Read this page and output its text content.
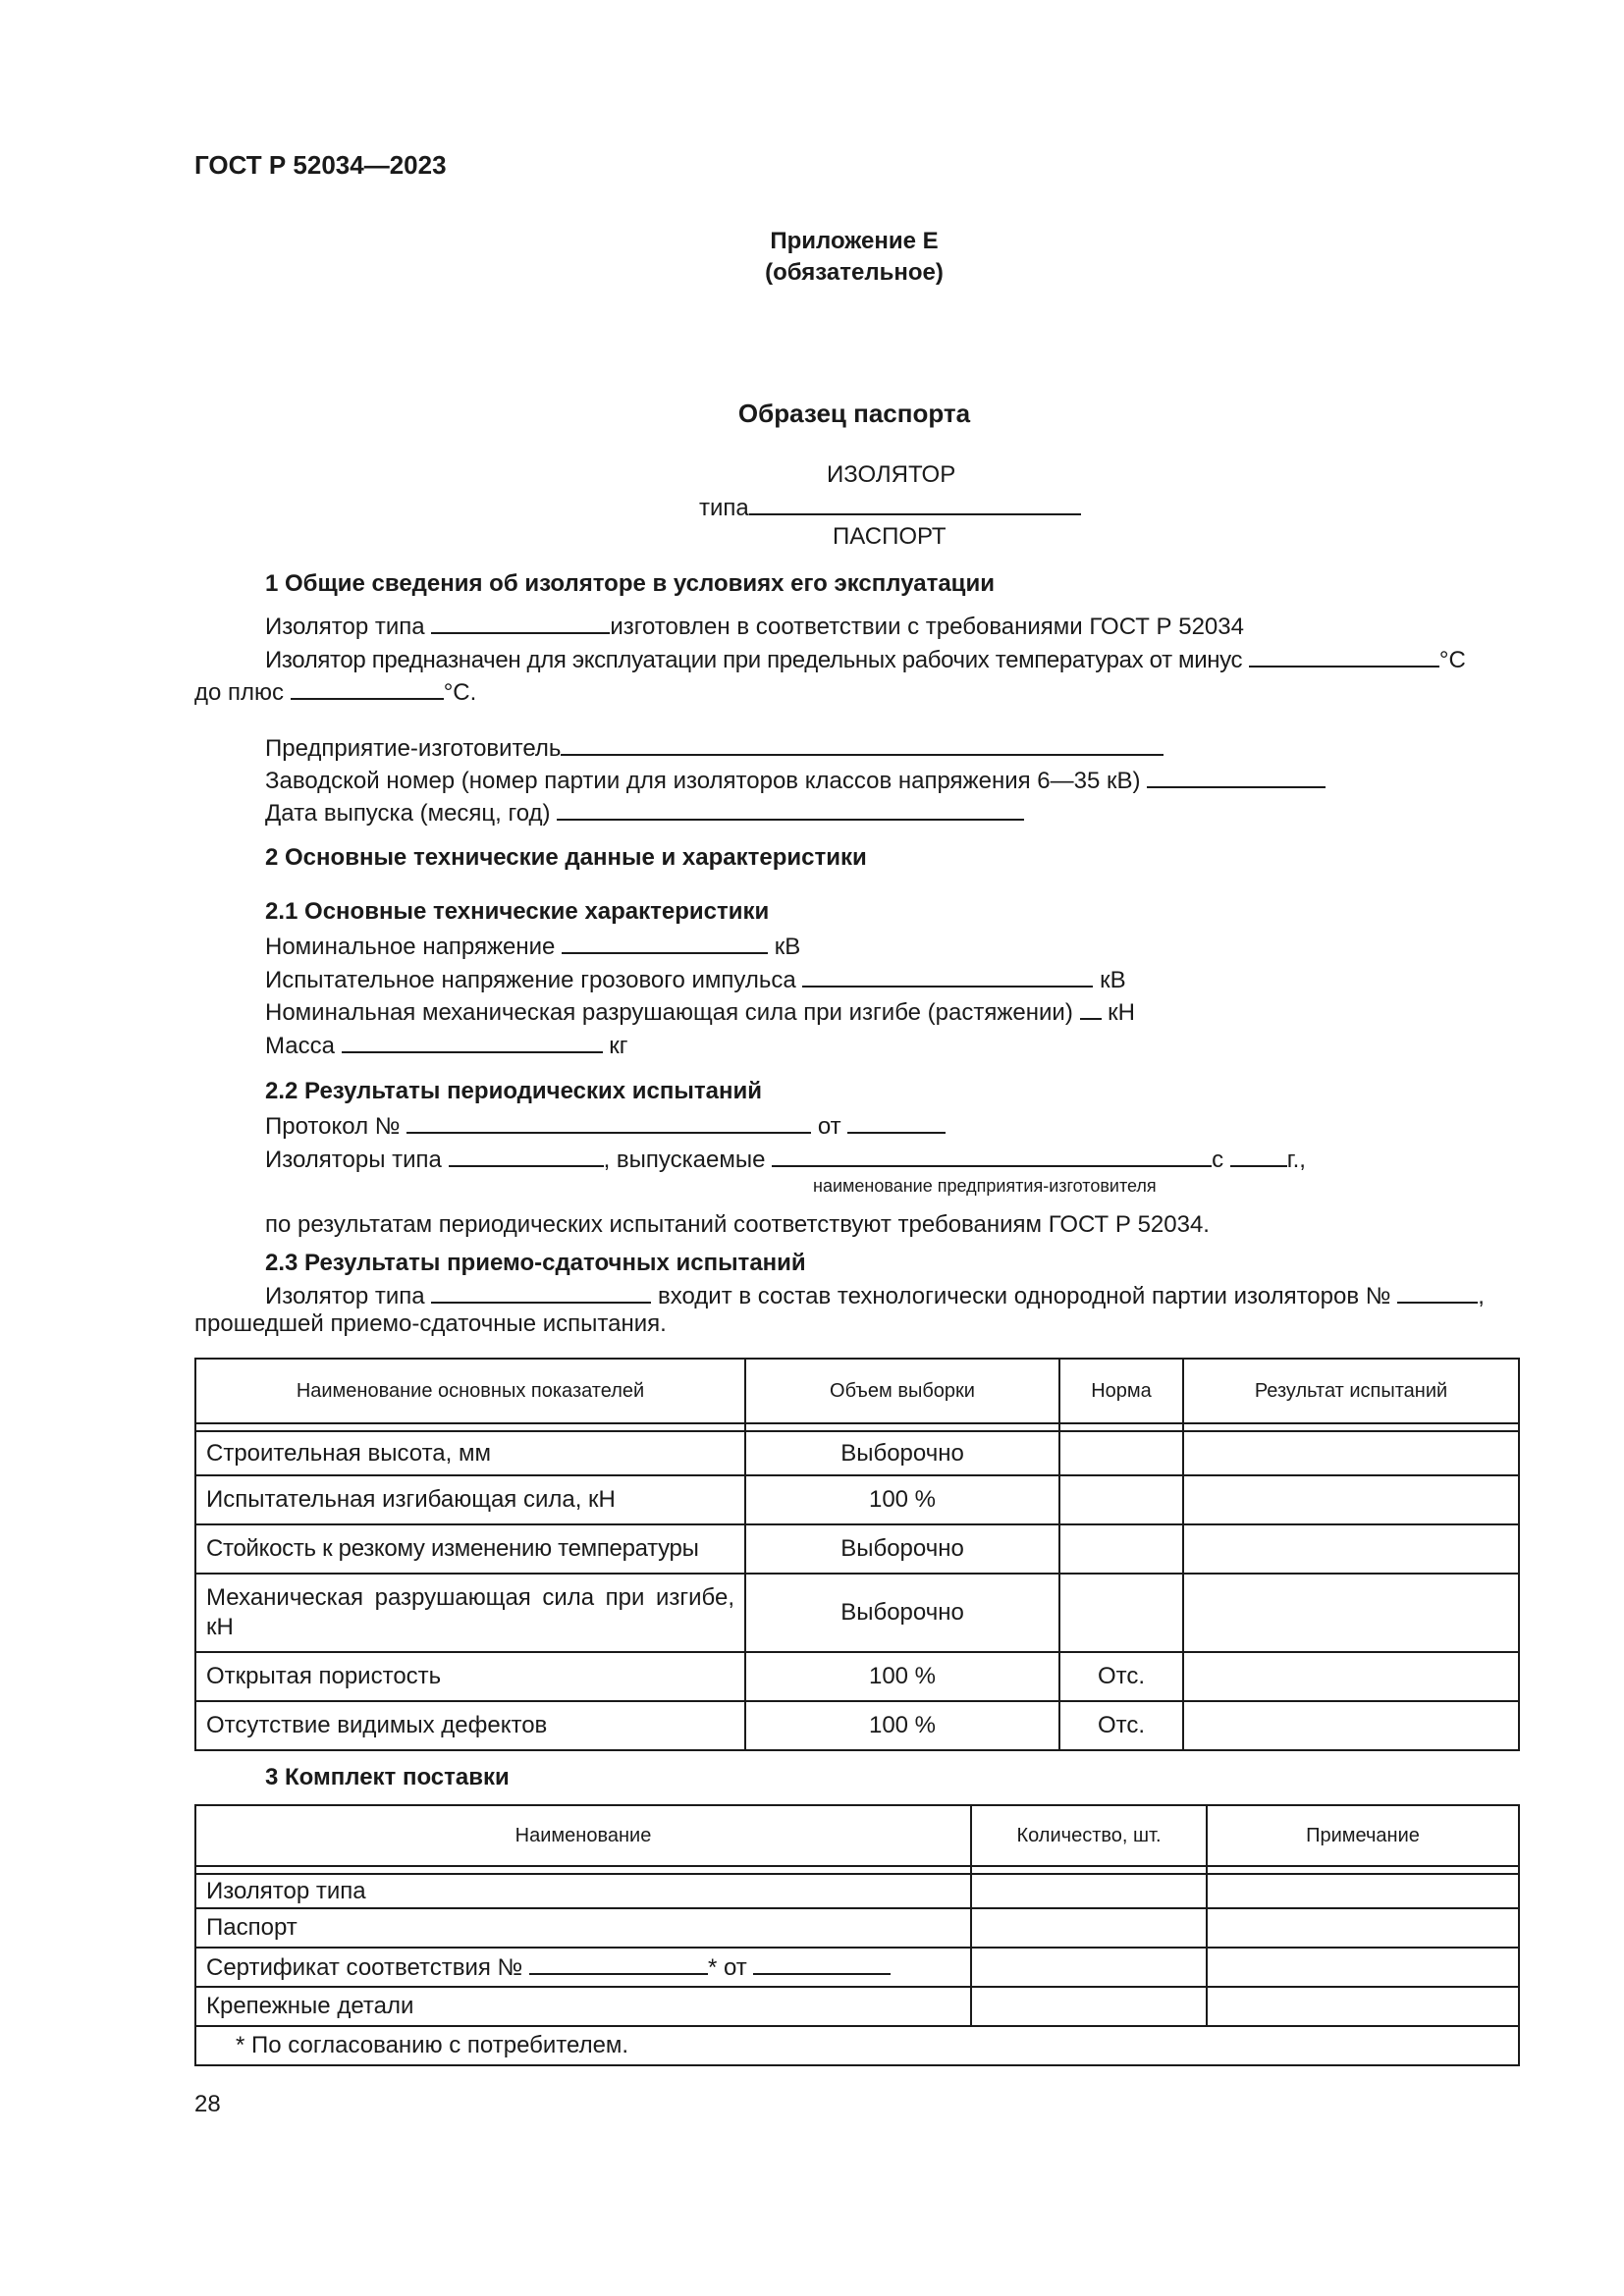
ГОСТ Р 52034—2023
Приложение Е
(обязательное)
Образец паспорта
ИЗОЛЯТОР
типа
ПАСПОРТ
1 Общие сведения об изоляторе в условиях его эксплуатации
Изолятор типа	изготовлен в соответствии с требованиями ГОСТ Р 52034
Изолятор предназначен для эксплуатации при предельных рабочих температурах от минус	°С
до плюс	°С.
Предприятие-изготовитель
Заводской номер (номер партии для изоляторов классов напряжения 6—35 кВ)
Дата выпуска (месяц, год)
2 Основные технические данные и характеристики
2.1 Основные технические характеристики
Номинальное напряжение	кВ
Испытательное напряжение грозового импульса	кВ
Номинальная механическая разрушающая сила при изгибе (растяжении)  кН
Масса	кг
2.2 Результаты периодических испытаний
Протокол №	от
Изоляторы типа	, выпускаемые	с г.,
наименование предприятия-изготовителя
по результатам периодических испытаний соответствуют требованиям ГОСТ Р 52034.
2.3 Результаты приемо-сдаточных испытаний
Изолятор типа	входит в состав технологически однородной партии изоляторов №	,
прошедшей приемо-сдаточные испытания.
Наименование основных показателей	Объем выборки	Норма	Результат испытаний

Строительная высота, мм	Выборочно		
Испытательная изгибающая сила, кН	100 %		
Стойкость к резкому изменению температуры	Выборочно		
Механическая разрушающая сила при изгибе, кН	Выборочно		
Открытая пористость	100 %	Отс.	
Отсутствие видимых дефектов	100 %	Отс.	
3 Комплект поставки
Наименование	Количество, шт.	Примечание

Изолятор типа		
Паспорт		
Сертификат соответствия № * от		
Крепежные детали		
* По согласованию с потребителем.		
28
